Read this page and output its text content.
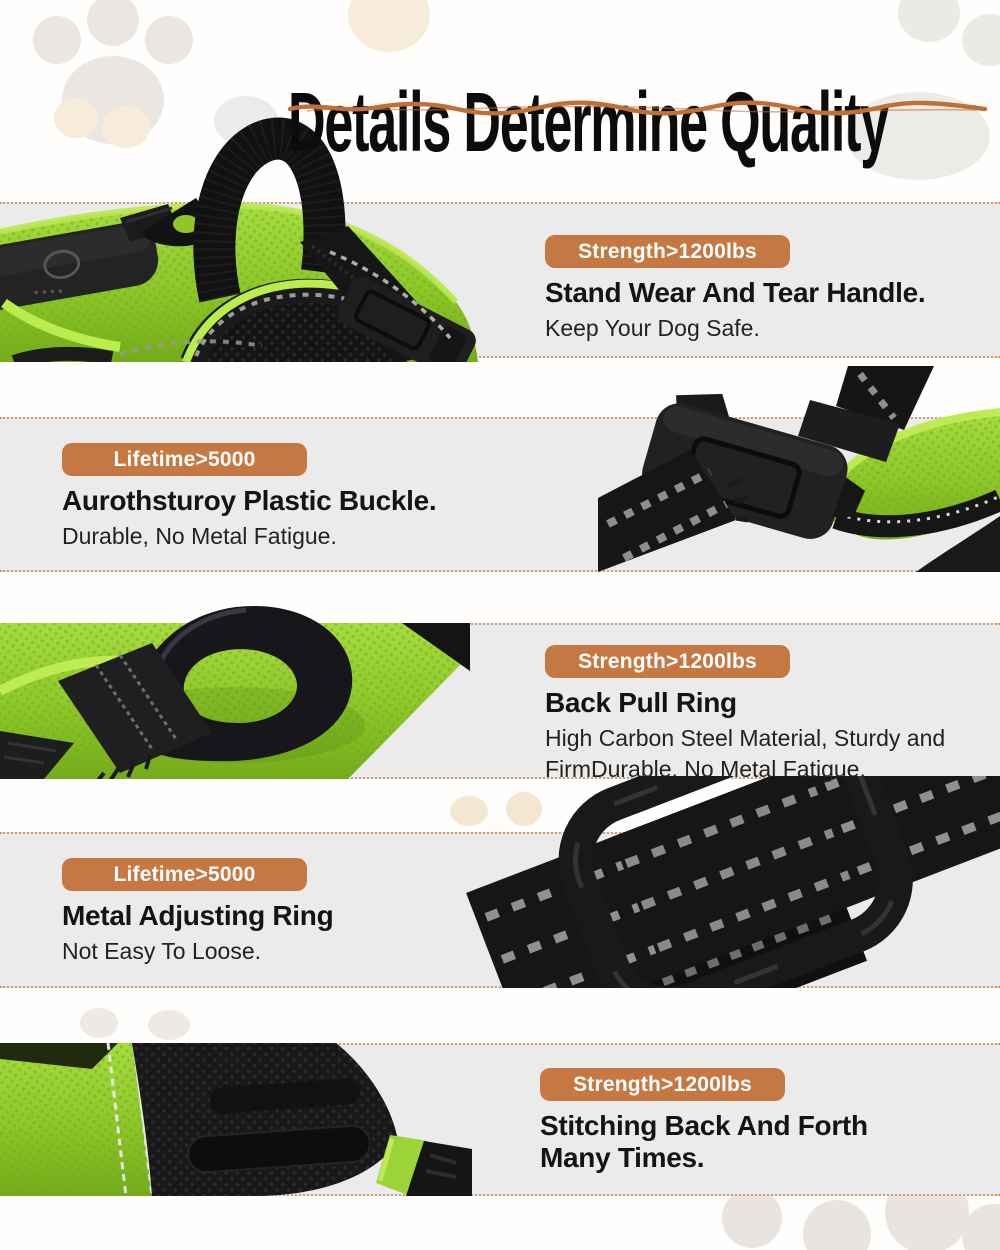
Details Determine Quality
Strength>1200lbs
Stand Wear And Tear Handle.

Keep Your Dog Safe.

Lifetime>5000
Aurothsturoy Plastic Buckle.

Durable, No Metal Fatigue.

Strength>1200lbs
Back Pull Ring

High Carbon Steel Material, Sturdy and FirmDurable, No Metal Fatigue.

Lifetime>5000
Metal Adjusting Ring

Not Easy To Loose.

Strength>1200lbs
Stitching Back And Forth Many Times.
